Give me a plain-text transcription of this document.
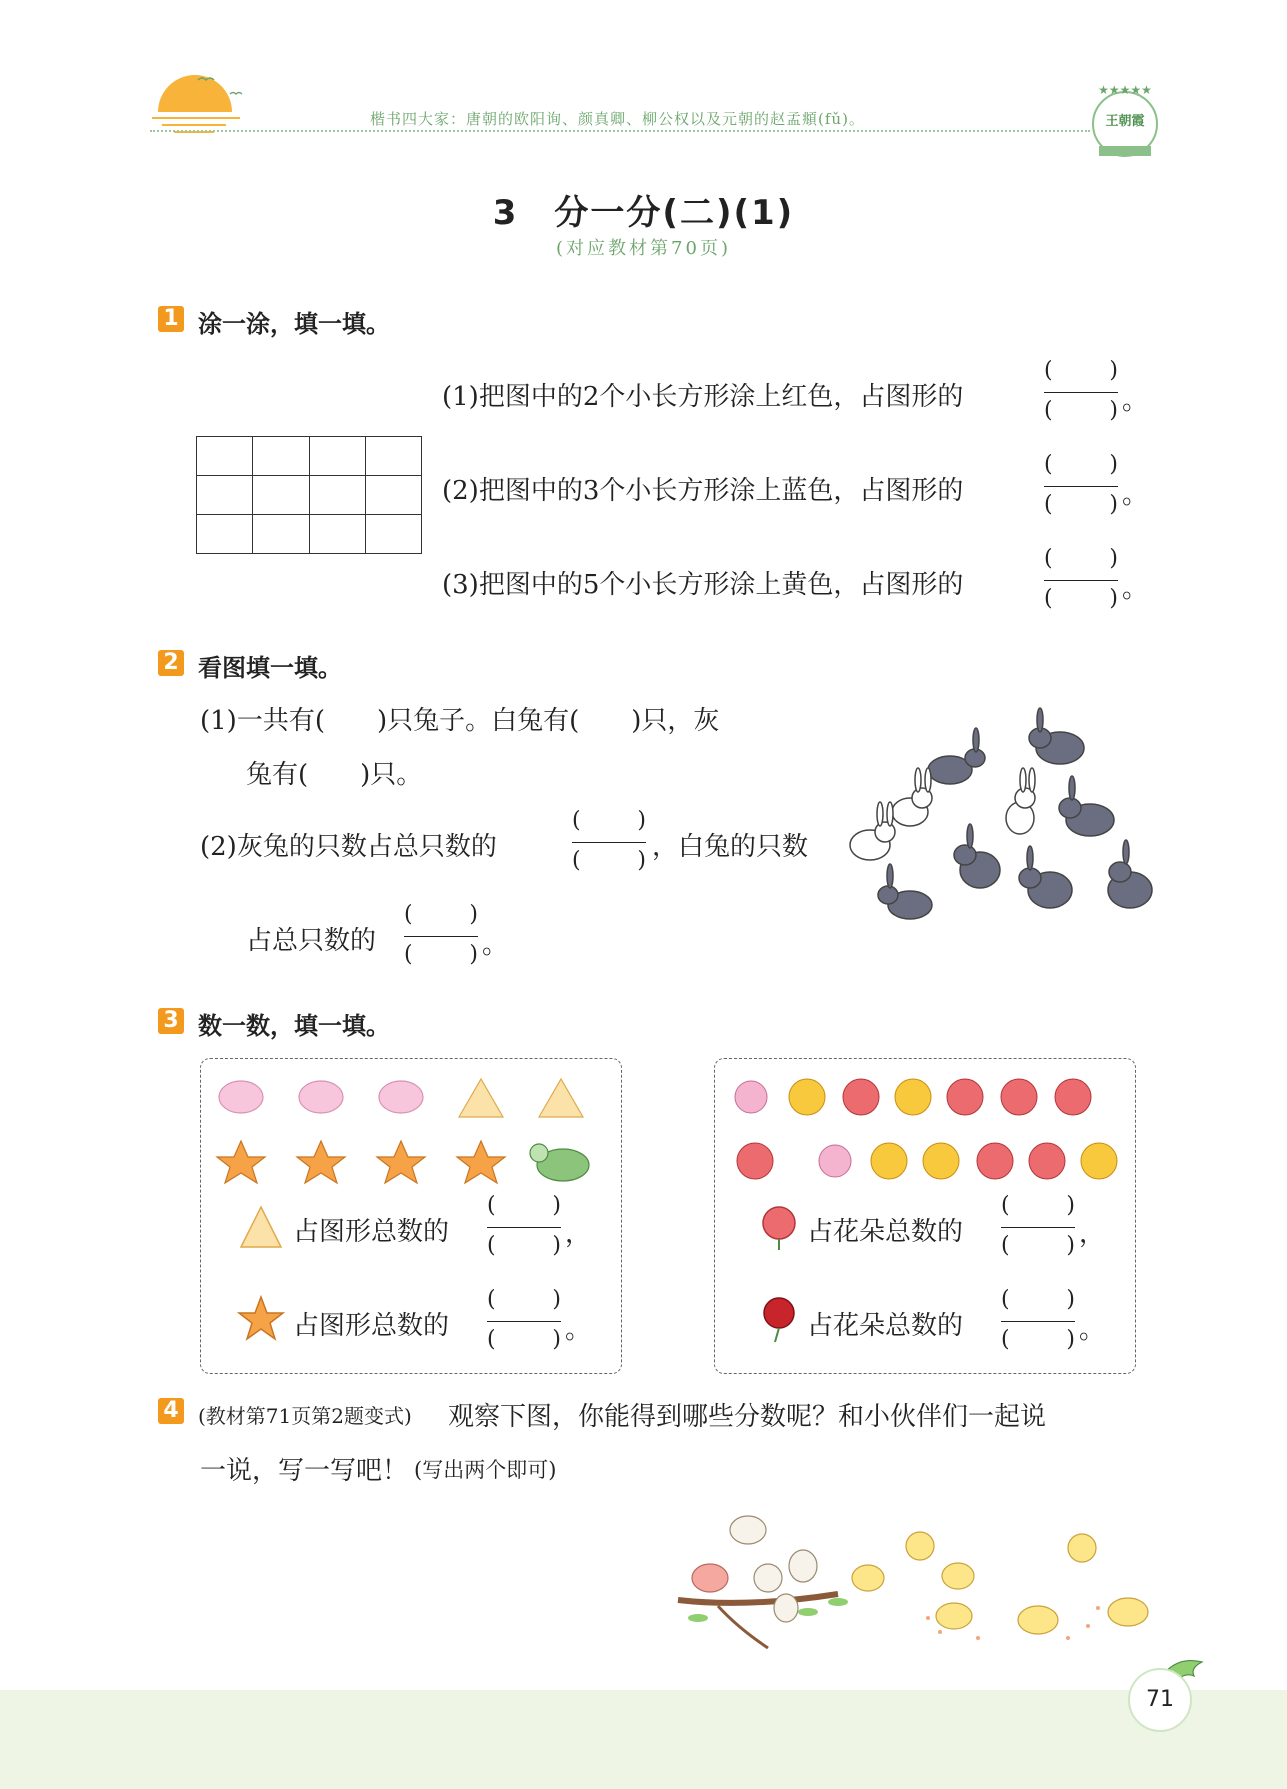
楷书四大家：唐朝的欧阳询、颜真卿、柳公权以及元朝的赵孟頫(fǔ)。
★★★★★
王朝霞
3　分一分(二)(1)
(对应教材第70页)
1 涂一涂，填一填。

(1)把图中的2个小长方形涂上红色，占图形的
(	)
(	) 。
(2)把图中的3个小长方形涂上蓝色，占图形的
(	)
(	) 。
(3)把图中的5个小长方形涂上黄色，占图形的
(	)
(	) 。
2 看图填一填。
(1)一共有(　　)只兔子。白兔有(　　)只，灰
兔有(　　)只。
(2)灰兔的只数占总只数的
(	)
(	) ，白兔的只数
占总只数的
(	)
(	) 。
3 数一数，填一填。
占图形总数的
(	)
(	) ，
占图形总数的
(	)
(	) 。
占花朵总数的
(	)
(	) ，
占花朵总数的
(	)
(	) 。
4 (教材第71页第2题变式) 观察下图，你能得到哪些分数呢？和小伙伴们一起说
一说，写一写吧！ (写出两个即可)
71
